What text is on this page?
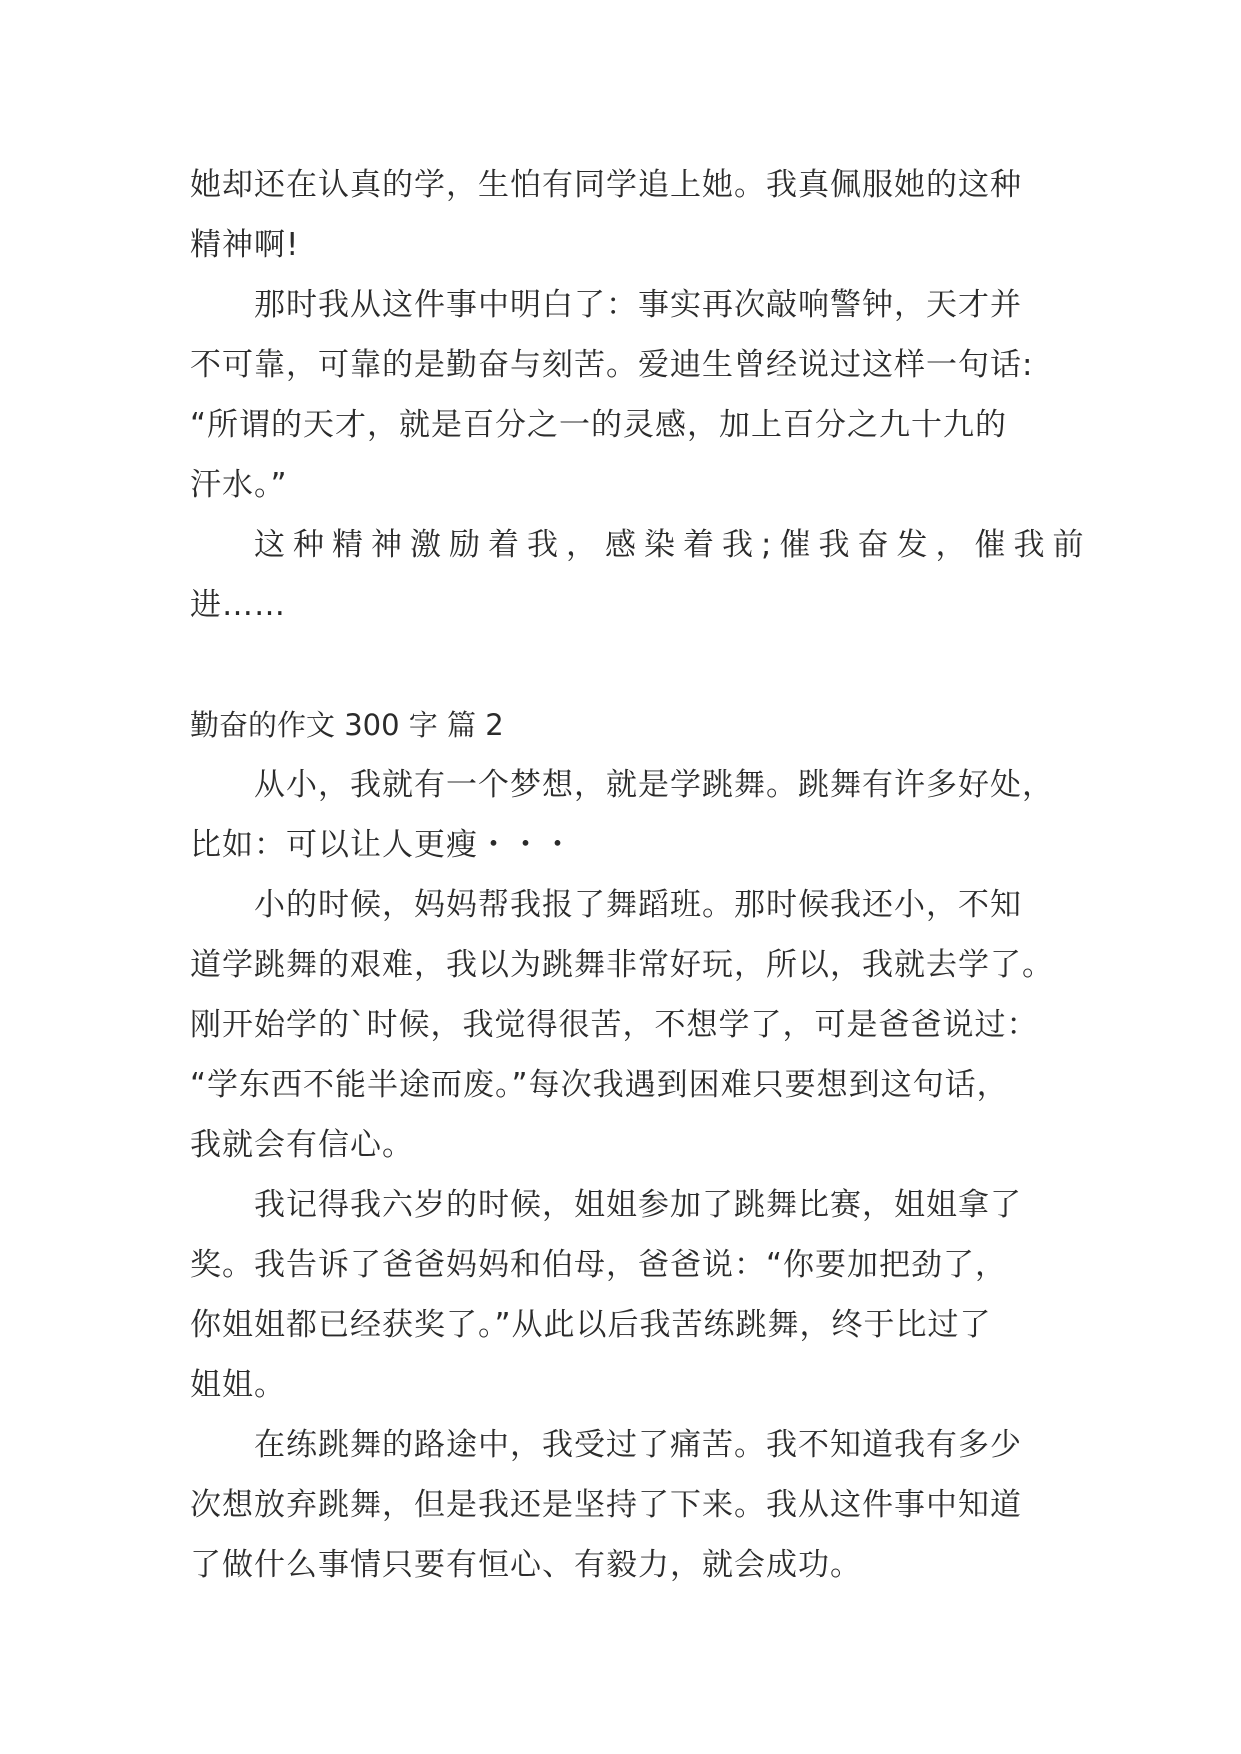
她却还在认真的学，生怕有同学追上她。我真佩服她的这种
精神啊!
那时我从这件事中明白了：事实再次敲响警钟，天才并
不可靠，可靠的是勤奋与刻苦。爱迪生曾经说过这样一句话:
“所谓的天才，就是百分之一的灵感，加上百分之九十九的
汗水。”
这种精神激励着我，感染着我;催我奋发，催我前
进……
勤奋的作文 300 字 篇 2
从小，我就有一个梦想，就是学跳舞。跳舞有许多好处，
比如：可以让人更瘦・・・
小的时候，妈妈帮我报了舞蹈班。那时候我还小，不知
道学跳舞的艰难，我以为跳舞非常好玩，所以，我就去学了。
刚开始学的`时候，我觉得很苦，不想学了，可是爸爸说过：
“学东西不能半途而废。”每次我遇到困难只要想到这句话，
我就会有信心。
我记得我六岁的时候，姐姐参加了跳舞比赛，姐姐拿了
奖。我告诉了爸爸妈妈和伯母，爸爸说：“你要加把劲了，
你姐姐都已经获奖了。”从此以后我苦练跳舞，终于比过了
姐姐。
在练跳舞的路途中，我受过了痛苦。我不知道我有多少
次想放弃跳舞，但是我还是坚持了下来。我从这件事中知道
了做什么事情只要有恒心、有毅力，就会成功。
